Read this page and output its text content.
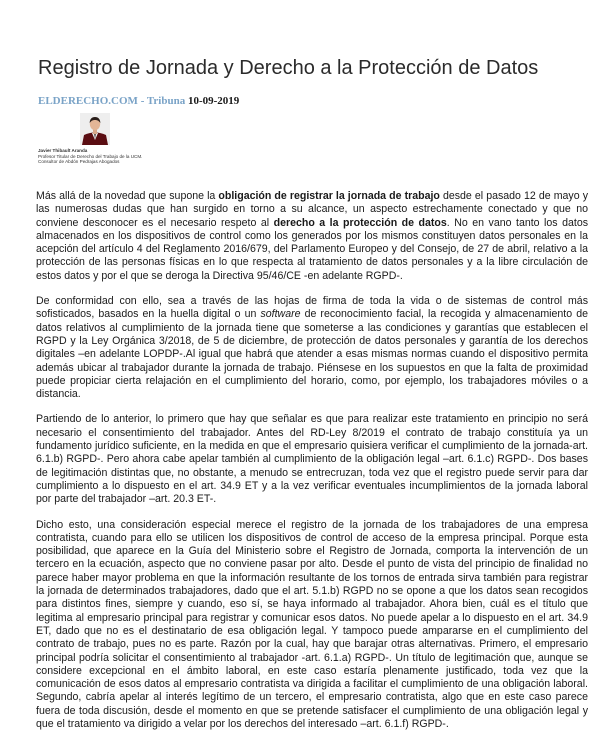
Registro de Jornada y Derecho a la Protección de Datos
ELDERECHO.COM - Tribuna 10-09-2019
Javier Thibault Aranda
Profesor Titular de Derecho del Trabajo de la UCM. Consultor de Abdón Pedrajas Abogados

Más allá de la novedad que supone la obligación de registrar la jornada de trabajo desde el pasado 12 de mayo y las numerosas dudas que han surgido en torno a su alcance, un aspecto estrechamente conectado y que no conviene desconocer es el necesario respeto al derecho a la protección de datos. No en vano tanto los datos almacenados en los dispositivos de control como los generados por los mismos constituyen datos personales en la acepción del artículo 4 del Reglamento 2016/679, del Parlamento Europeo y del Consejo, de 27 de abril, relativo a la protección de las personas físicas en lo que respecta al tratamiento de datos personales y a la libre circulación de estos datos y por el que se deroga la Directiva 95/46/CE -en adelante RGPD-.

De conformidad con ello, sea a través de las hojas de firma de toda la vida o de sistemas de control más sofisticados, basados en la huella digital o un software de reconocimiento facial, la recogida y almacenamiento de datos relativos al cumplimiento de la jornada tiene que someterse a las condiciones y garantías que establecen el RGPD y la Ley Orgánica 3/2018, de 5 de diciembre, de protección de datos personales y garantía de los derechos digitales –en adelante LOPDP-.Al igual que habrá que atender a esas mismas normas cuando el dispositivo permita además ubicar al trabajador durante la jornada de trabajo. Piénsese en los supuestos en que la falta de proximidad puede propiciar cierta relajación en el cumplimiento del horario, como, por ejemplo, los trabajadores móviles o a distancia.

Partiendo de lo anterior, lo primero que hay que señalar es que para realizar este tratamiento en principio no será necesario el consentimiento del trabajador. Antes del RD-Ley 8/2019 el contrato de trabajo constituía ya un fundamento jurídico suficiente, en la medida en que el empresario quisiera verificar el cumplimiento de la jornada-art. 6.1.b) RGPD-. Pero ahora cabe apelar también al cumplimiento de la obligación legal –art. 6.1.c) RGPD-. Dos bases de legitimación distintas que, no obstante, a menudo se entrecruzan, toda vez que el registro puede servir para dar cumplimiento a lo dispuesto en el art. 34.9 ET y a la vez verificar eventuales incumplimientos de la jornada laboral por parte del trabajador –art. 20.3 ET-.

Dicho esto, una consideración especial merece el registro de la jornada de los trabajadores de una empresa contratista, cuando para ello se utilicen los dispositivos de control de acceso de la empresa principal. Porque esta posibilidad, que aparece en la Guía del Ministerio sobre el Registro de Jornada, comporta la intervención de un tercero en la ecuación, aspecto que no conviene pasar por alto. Desde el punto de vista del principio de finalidad no parece haber mayor problema en que la información resultante de los tornos de entrada sirva también para registrar la jornada de determinados trabajadores, dado que el art. 5.1.b) RGPD no se opone a que los datos sean recogidos para distintos fines, siempre y cuando, eso sí, se haya informado al trabajador. Ahora bien, cuál es el título que legitima al empresario principal para registrar y comunicar esos datos. No puede apelar a lo dispuesto en el art. 34.9 ET, dado que no es el destinatario de esa obligación legal. Y tampoco puede ampararse en el cumplimiento del contrato de trabajo, pues no es parte. Razón por la cual, hay que barajar otras alternativas. Primero, el empresario principal podría solicitar el consentimiento al trabajador -art. 6.1.a) RGPD-. Un título de legitimación que, aunque se considere excepcional en el ámbito laboral, en este caso estaría plenamente justificado, toda vez que la comunicación de esos datos al empresario contratista va dirigida a facilitar el cumplimiento de una obligación laboral. Segundo, cabría apelar al interés legítimo de un tercero, el empresario contratista, algo que en este caso parece fuera de toda discusión, desde el momento en que se pretende satisfacer el cumplimiento de una obligación legal y que el tratamiento va dirigido a velar por los derechos del interesado –art. 6.1.f) RGPD-.
